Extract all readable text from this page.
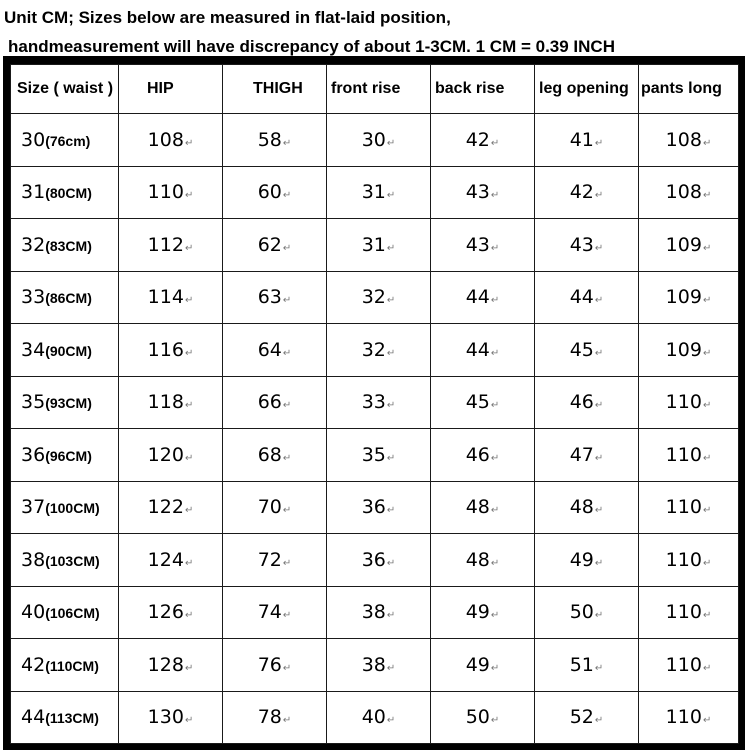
Unit CM; Sizes below are measured in flat-laid position,
handmeasurement will have discrepancy of about 1-3CM. 1 CM = 0.39 INCH
Size ( waist )	HIP	THIGH	front rise	back rise	leg opening	pants long
30(76cm)	108↵	58↵	30↵	42↵	41↵	108↵
31(80CM)	110↵	60↵	31↵	43↵	42↵	108↵
32(83CM)	112↵	62↵	31↵	43↵	43↵	109↵
33(86CM)	114↵	63↵	32↵	44↵	44↵	109↵
34(90CM)	116↵	64↵	32↵	44↵	45↵	109↵
35(93CM)	118↵	66↵	33↵	45↵	46↵	110↵
36(96CM)	120↵	68↵	35↵	46↵	47↵	110↵
37(100CM)	122↵	70↵	36↵	48↵	48↵	110↵
38(103CM)	124↵	72↵	36↵	48↵	49↵	110↵
40(106CM)	126↵	74↵	38↵	49↵	50↵	110↵
42(110CM)	128↵	76↵	38↵	49↵	51↵	110↵
44(113CM)	130↵	78↵	40↵	50↵	52↵	110↵
